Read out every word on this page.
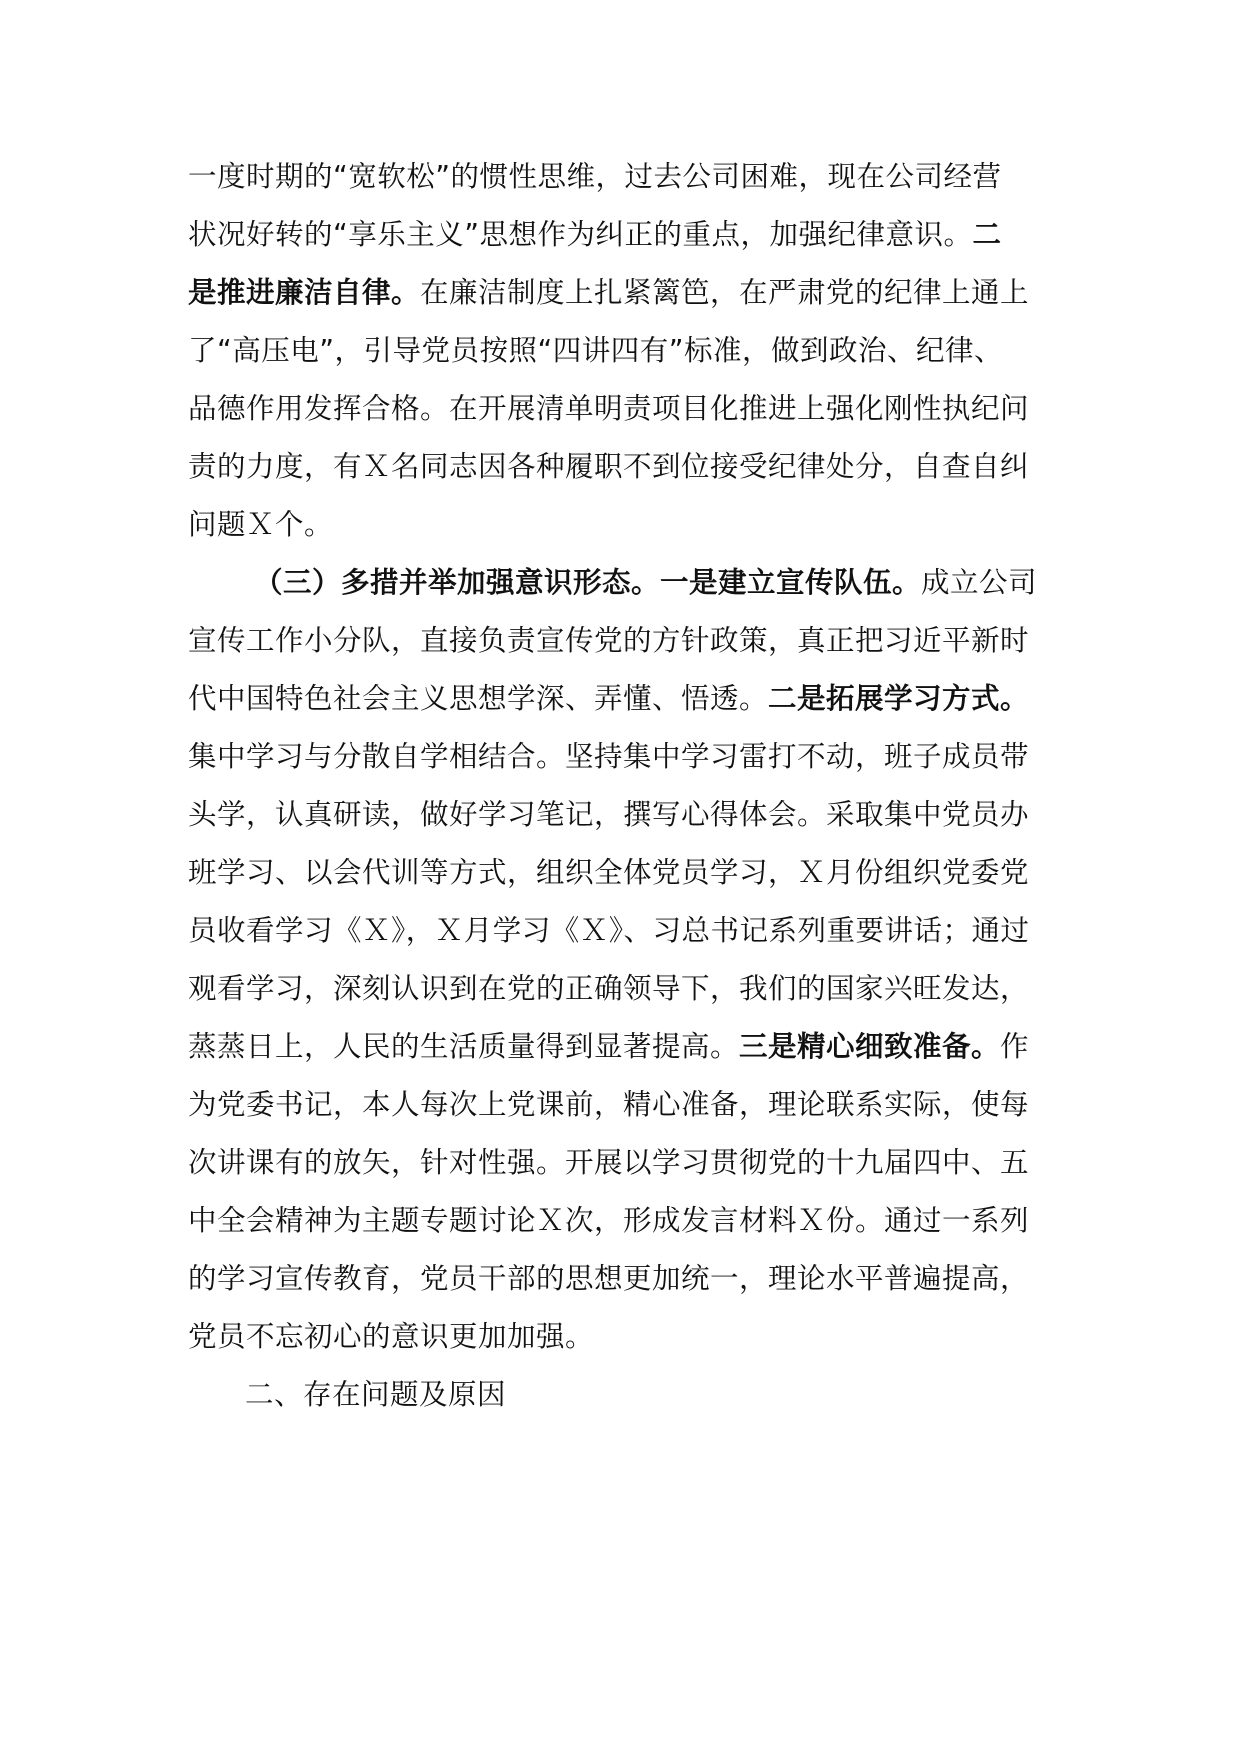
一度时期的“宽软松”的惯性思维，过去公司困难，现在公司经营
状况好转的“享乐主义”思想作为纠正的重点，加强纪律意识。二
是推进廉洁自律。在廉洁制度上扎紧篱笆，在严肃党的纪律上通上
了“高压电”，引导党员按照“四讲四有”标准，做到政治、纪律、
品德作用发挥合格。在开展清单明责项目化推进上强化刚性执纪问
责的力度，有Ｘ名同志因各种履职不到位接受纪律处分，自查自纠
问题Ｘ个。
（三）多措并举加强意识形态。一是建立宣传队伍。成立公司
宣传工作小分队，直接负责宣传党的方针政策，真正把习近平新时
代中国特色社会主义思想学深、弄懂、悟透。二是拓展学习方式。
集中学习与分散自学相结合。坚持集中学习雷打不动，班子成员带
头学，认真研读，做好学习笔记，撰写心得体会。采取集中党员办
班学习、以会代训等方式，组织全体党员学习，Ｘ月份组织党委党
员收看学习《Ｘ》，Ｘ月学习《Ｘ》、习总书记系列重要讲话；通过
观看学习，深刻认识到在党的正确领导下，我们的国家兴旺发达，
蒸蒸日上，人民的生活质量得到显著提高。三是精心细致准备。作
为党委书记，本人每次上党课前，精心准备，理论联系实际，使每
次讲课有的放矢，针对性强。开展以学习贯彻党的十九届四中、五
中全会精神为主题专题讨论Ｘ次，形成发言材料Ｘ份。通过一系列
的学习宣传教育，党员干部的思想更加统一，理论水平普遍提高，
党员不忘初心的意识更加加强。
二、存在问题及原因
